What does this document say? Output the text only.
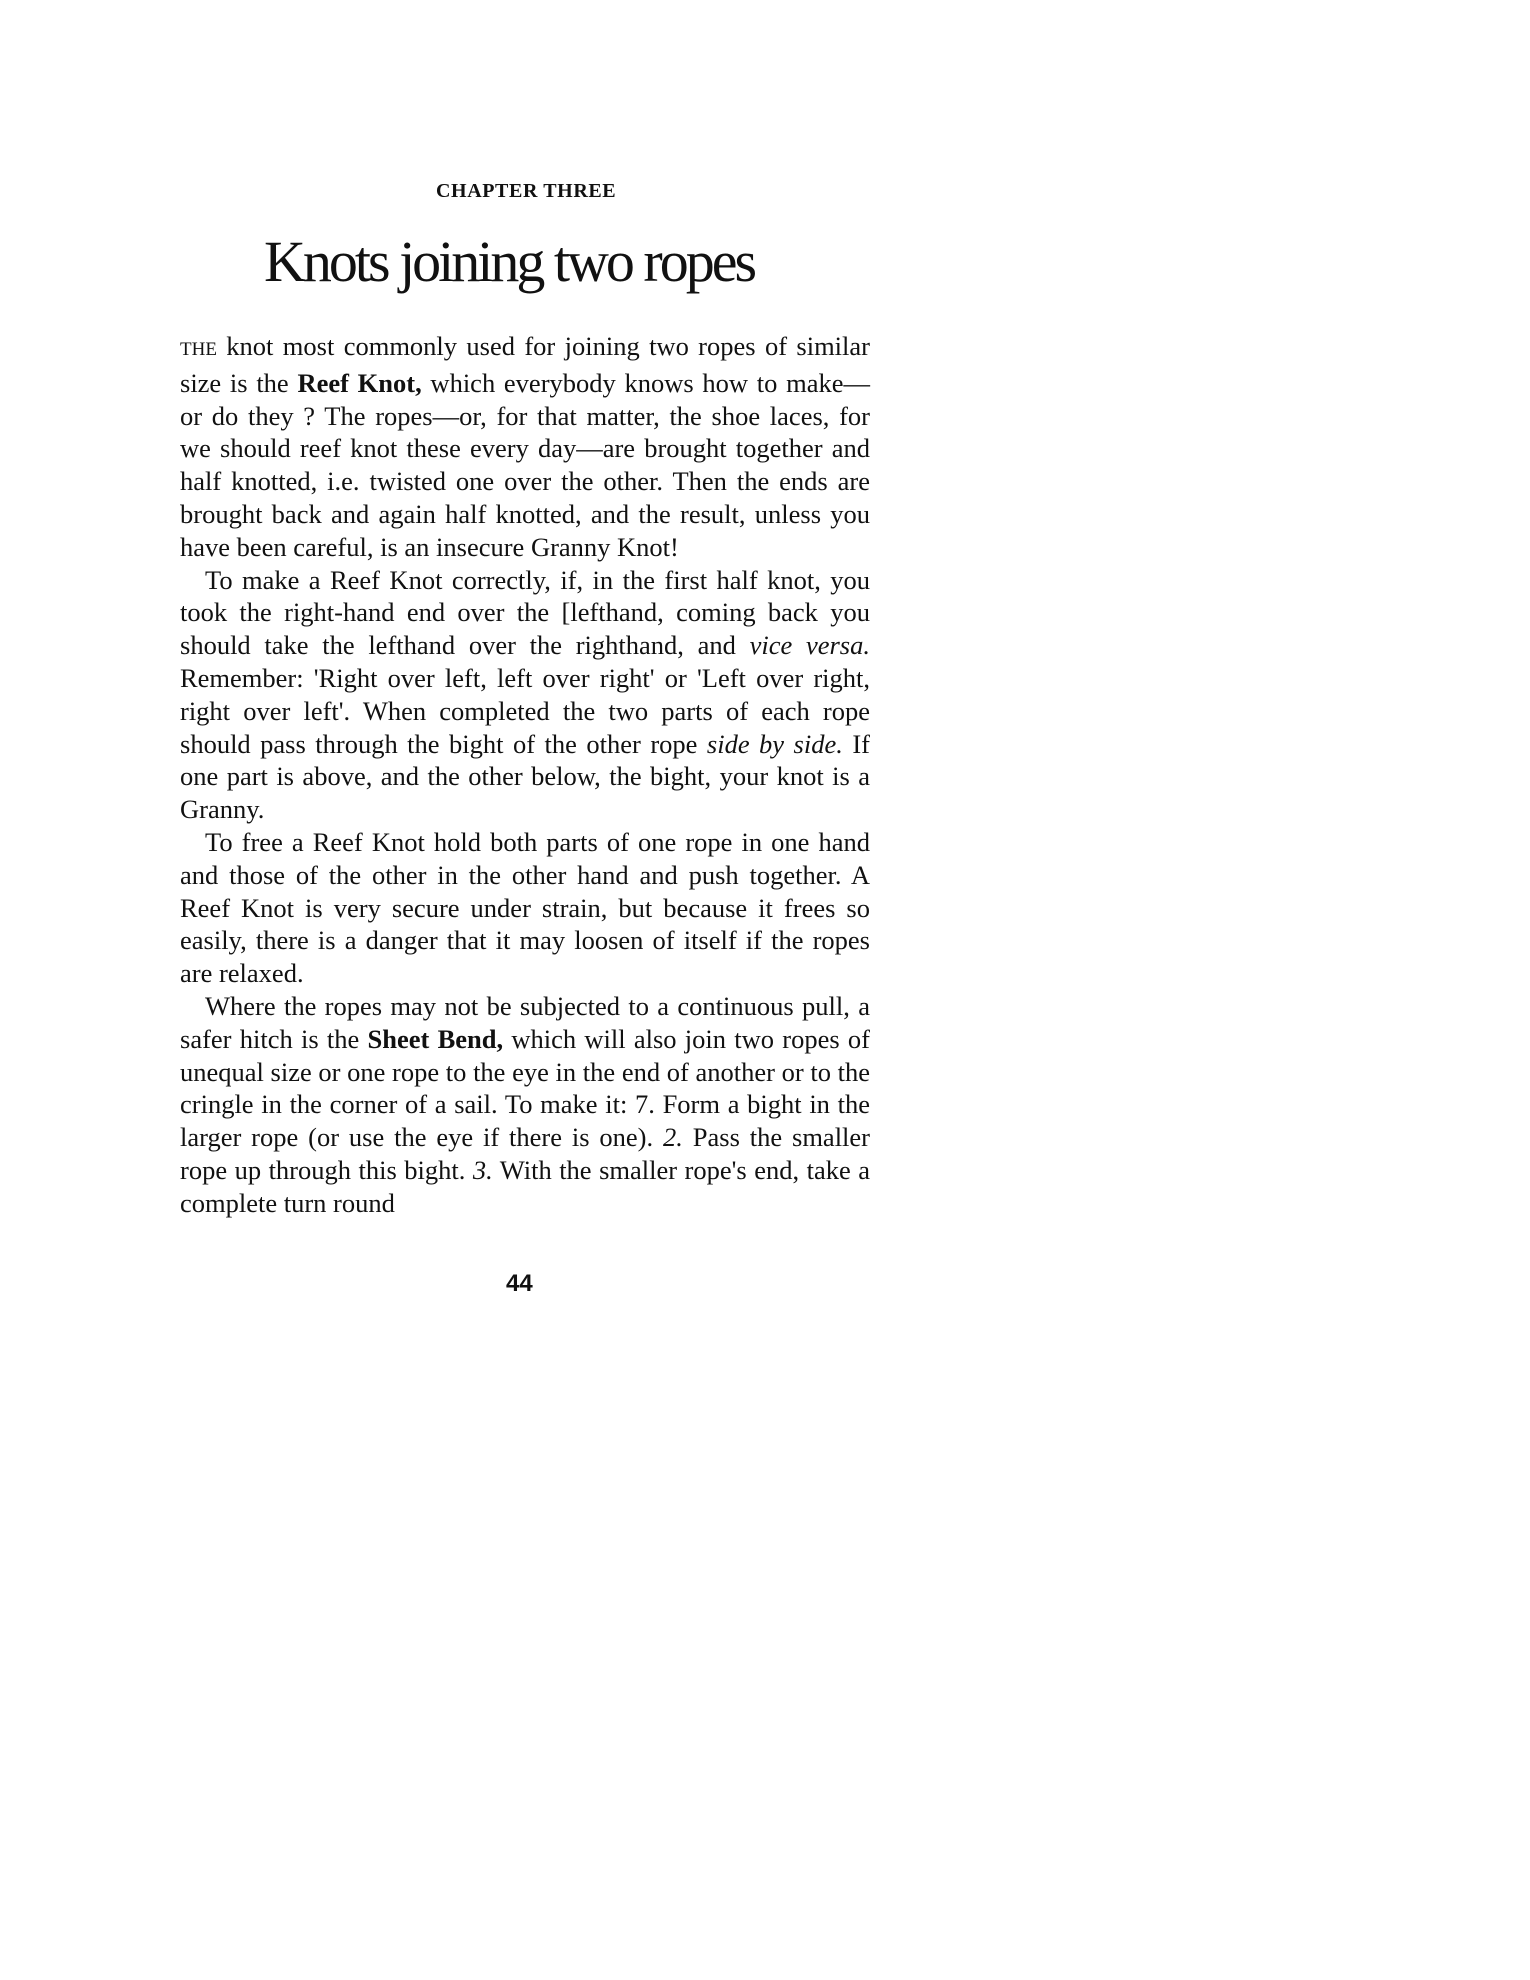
CHAPTER THREE
Knots joining two ropes

THE knot most commonly used for joining two ropes of similar size is the Reef Knot, which everybody knows how to make—or do they ? The ropes—or, for that matter, the shoe laces, for we should reef knot these every day—are brought together and half knotted, i.e. twisted one over the other. Then the ends are brought back and again half knotted, and the result, unless you have been careful, is an insecure Granny Knot!

To make a Reef Knot correctly, if, in the first half knot, you took the right-hand end over the [lefthand, coming back you should take the lefthand over the righthand, and vice versa. Remember: 'Right over left, left over right' or 'Left over right, right over left'. When completed the two parts of each rope should pass through the bight of the other rope side by side. If one part is above, and the other below, the bight, your knot is a Granny.

To free a Reef Knot hold both parts of one rope in one hand and those of the other in the other hand and push together. A Reef Knot is very secure under strain, but because it frees so easily, there is a danger that it may loosen of itself if the ropes are relaxed.

Where the ropes may not be subjected to a continuous pull, a safer hitch is the Sheet Bend, which will also join two ropes of unequal size or one rope to the eye in the end of another or to the cringle in the corner of a sail. To make it: 7. Form a bight in the larger rope (or use the eye if there is one). 2. Pass the smaller rope up through this bight. 3. With the smaller rope's end, take a complete turn round

44
